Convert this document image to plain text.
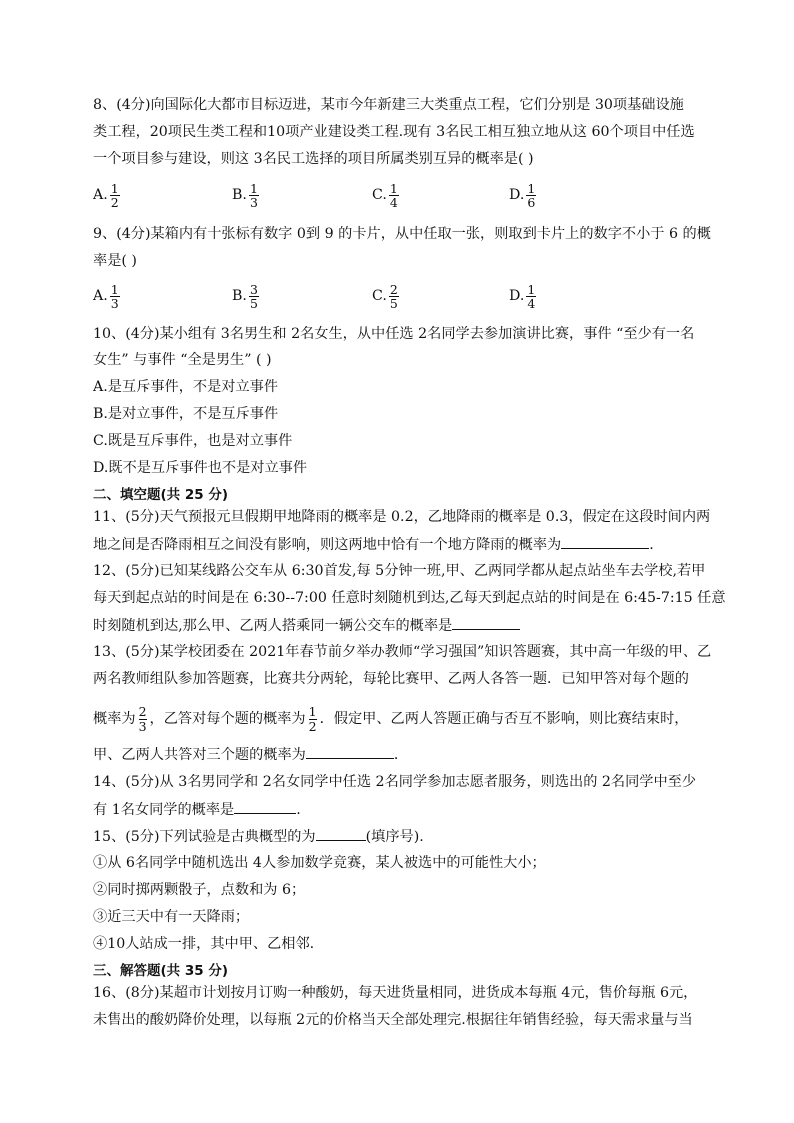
8、(4分)向国际化大都市目标迈进，某市今年新建三大类重点工程，它们分别是 30项基础设施
类工程，20项民生类工程和10项产业建设类工程.现有 3名民工相互独立地从这 60个项目中任选
一个项目参与建设，则这 3名民工选择的项目所属类别互异的概率是( )
A. $\frac{1}{2}$	B. $\frac{1}{3}$	C. $\frac{1}{4}$	D. $\frac{1}{6}$
9、(4分)某箱内有十张标有数字 0到 9 的卡片，从中任取一张，则取到卡片上的数字不小于 6 的概
率是( )
A. $\frac{1}{3}$	B. $\frac{3}{5}$	C. $\frac{2}{5}$	D. $\frac{1}{4}$
10、(4分)某小组有 3名男生和 2名女生，从中任选 2名同学去参加演讲比赛，事件 “至少有一名
女生” 与事件 “全是男生” ( )
A.是互斥事件，不是对立事件
B.是对立事件，不是互斥事件
C.既是互斥事件，也是对立事件
D.既不是互斥事件也不是对立事件
二、填空题(共 25 分)
11、(5分)天气预报元旦假期甲地降雨的概率是 0.2，乙地降雨的概率是 0.3，假定在这段时间内两
地之间是否降雨相互之间没有影响，则这两地中恰有一个地方降雨的概率为	.
12、(5分)已知某线路公交车从 6:30首发,每 5分钟一班,甲、乙两同学都从起点站坐车去学校,若甲
每天到起点站的时间是在 6:30--7:00 任意时刻随机到达,乙每天到起点站的时间是在 6:45-7:15 任意
时刻随机到达,那么甲、乙两人搭乘同一辆公交车的概率是
13、(5分)某学校团委在 2021年春节前夕举办教师“学习强国”知识答题赛，其中高一年级的甲、乙
两名教师组队参加答题赛，比赛共分两轮，每轮比赛甲、乙两人各答一题．已知甲答对每个题的
概率为 $\frac{2}{3}$ ，乙答对每个题的概率为 $\frac{1}{2}$ ．假定甲、乙两人答题正确与否互不影响，则比赛结束时，
甲、乙两人共答对三个题的概率为	．
14、(5分)从 3名男同学和 2名女同学中任选 2名同学参加志愿者服务，则选出的 2名同学中至少
有 1名女同学的概率是	.
15、(5分)下列试验是古典概型的为	(填序号).
①从 6名同学中随机选出 4人参加数学竞赛，某人被选中的可能性大小；
②同时掷两颗骰子，点数和为 6；
③近三天中有一天降雨；
④10人站成一排，其中甲、乙相邻.
三、解答题(共 35 分)
16、(8分)某超市计划按月订购一种酸奶，每天进货量相同，进货成本每瓶 4元，售价每瓶 6元，
未售出的酸奶降价处理，以每瓶 2元的价格当天全部处理完.根据往年销售经验，每天需求量与当
